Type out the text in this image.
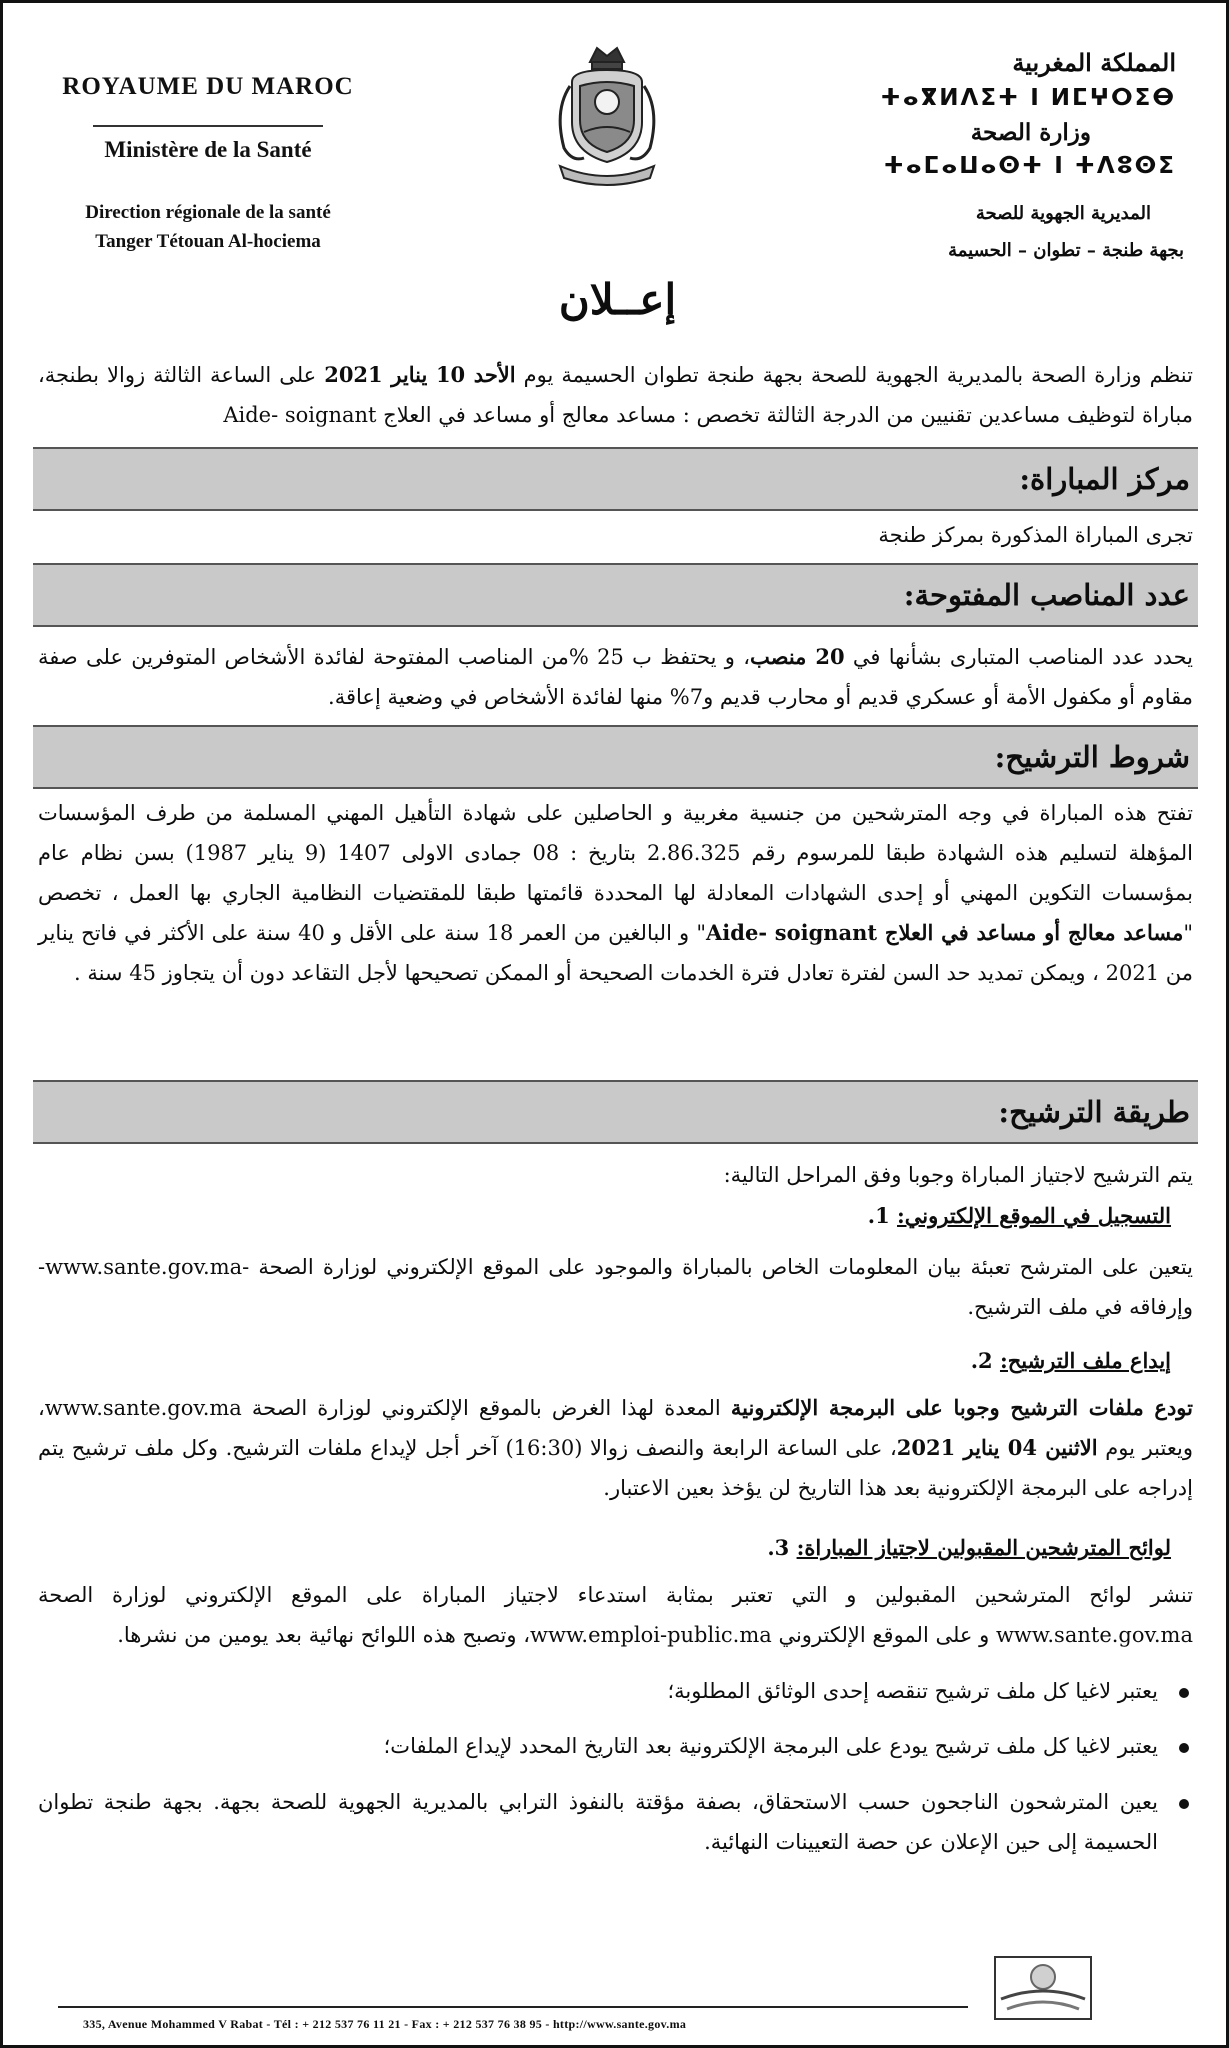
ROYAUME DU MAROC
Ministère de la Santé
Direction régionale de la santé
Tanger Tétouan Al-hociema
المملكة المغربية
ⵜⴰⴳⵍⴷⵉⵜ ⵏ ⵍⵎⵖⵔⵉⴱ
وزارة الصحة
ⵜⴰⵎⴰⵡⴰⵙⵜ ⵏ ⵜⴷⵓⵙⵉ
المديرية الجهوية للصحة
بجهة طنجة – تطوان – الحسيمة
إعــلان
تنظم وزارة الصحة بالمديرية الجهوية للصحة بجهة طنجة تطوان الحسيمة يوم الأحد 10 يناير 2021 على الساعة الثالثة زوالا بطنجة، مباراة لتوظيف مساعدين تقنيين من الدرجة الثالثة تخصص : مساعد معالج أو مساعد في العلاج Aide- soignant
مركز المباراة:
تجرى المباراة المذكورة بمركز طنجة
عدد المناصب المفتوحة:
يحدد عدد المناصب المتبارى بشأنها في 20 منصب، و يحتفظ ب 25 %من المناصب المفتوحة لفائدة الأشخاص المتوفرين على صفة مقاوم أو مكفول الأمة أو عسكري قديم أو محارب قديم و7% منها لفائدة الأشخاص في وضعية إعاقة.
شروط الترشيح:
تفتح هذه المباراة في وجه المترشحين من جنسية مغربية و الحاصلين على شهادة التأهيل المهني المسلمة من طرف المؤسسات المؤهلة لتسليم هذه الشهادة طبقا للمرسوم رقم 2.86.325 بتاريخ : 08 جمادى الاولى 1407 (9 يناير 1987) بسن نظام عام بمؤسسات التكوين المهني أو إحدى الشهادات المعادلة لها المحددة قائمتها طبقا للمقتضيات النظامية الجاري بها العمل ، تخصص "مساعد معالج أو مساعد في العلاج Aide- soignant" و البالغين من العمر 18 سنة على الأقل و 40 سنة على الأكثر في فاتح يناير من 2021 ، ويمكن تمديد حد السن لفترة تعادل فترة الخدمات الصحيحة أو الممكن تصحيحها لأجل التقاعد دون أن يتجاوز 45 سنة .
طريقة الترشيح:
يتم الترشيح لاجتياز المباراة وجوبا وفق المراحل التالية:
التسجيل في الموقع الإلكتروني: 1.
يتعين على المترشح تعبئة بيان المعلومات الخاص بالمباراة والموجود على الموقع الإلكتروني لوزارة الصحة -www.sante.gov.ma- وإرفاقه في ملف الترشيح.
إيداع ملف الترشيح: 2.
تودع ملفات الترشيح وجوبا على البرمجة الإلكترونية المعدة لهذا الغرض بالموقع الإلكتروني لوزارة الصحة www.sante.gov.ma، ويعتبر يوم الاثنين 04 يناير 2021، على الساعة الرابعة والنصف زوالا (16:30) آخر أجل لإيداع ملفات الترشيح. وكل ملف ترشيح يتم إدراجه على البرمجة الإلكترونية بعد هذا التاريخ لن يؤخذ بعين الاعتبار.
لوائح المترشحين المقبولين لاجتياز المباراة: 3.
تنشر لوائح المترشحين المقبولين و التي تعتبر بمثابة استدعاء لاجتياز المباراة على الموقع الإلكتروني لوزارة الصحة www.sante.gov.ma و على الموقع الإلكتروني www.emploi-public.ma، وتصبح هذه اللوائح نهائية بعد يومين من نشرها.
يعتبر لاغيا كل ملف ترشيح تنقصه إحدى الوثائق المطلوبة؛
يعتبر لاغيا كل ملف ترشيح يودع على البرمجة الإلكترونية بعد التاريخ المحدد لإيداع الملفات؛
يعين المترشحون الناجحون حسب الاستحقاق، بصفة مؤقتة بالنفوذ الترابي بالمديرية الجهوية للصحة بجهة. بجهة طنجة تطوان الحسيمة إلى حين الإعلان عن حصة التعيينات النهائية.
335, Avenue Mohammed V Rabat - Tél : + 212 537 76 11 21 - Fax : + 212 537 76 38 95 - http://www.sante.gov.ma
